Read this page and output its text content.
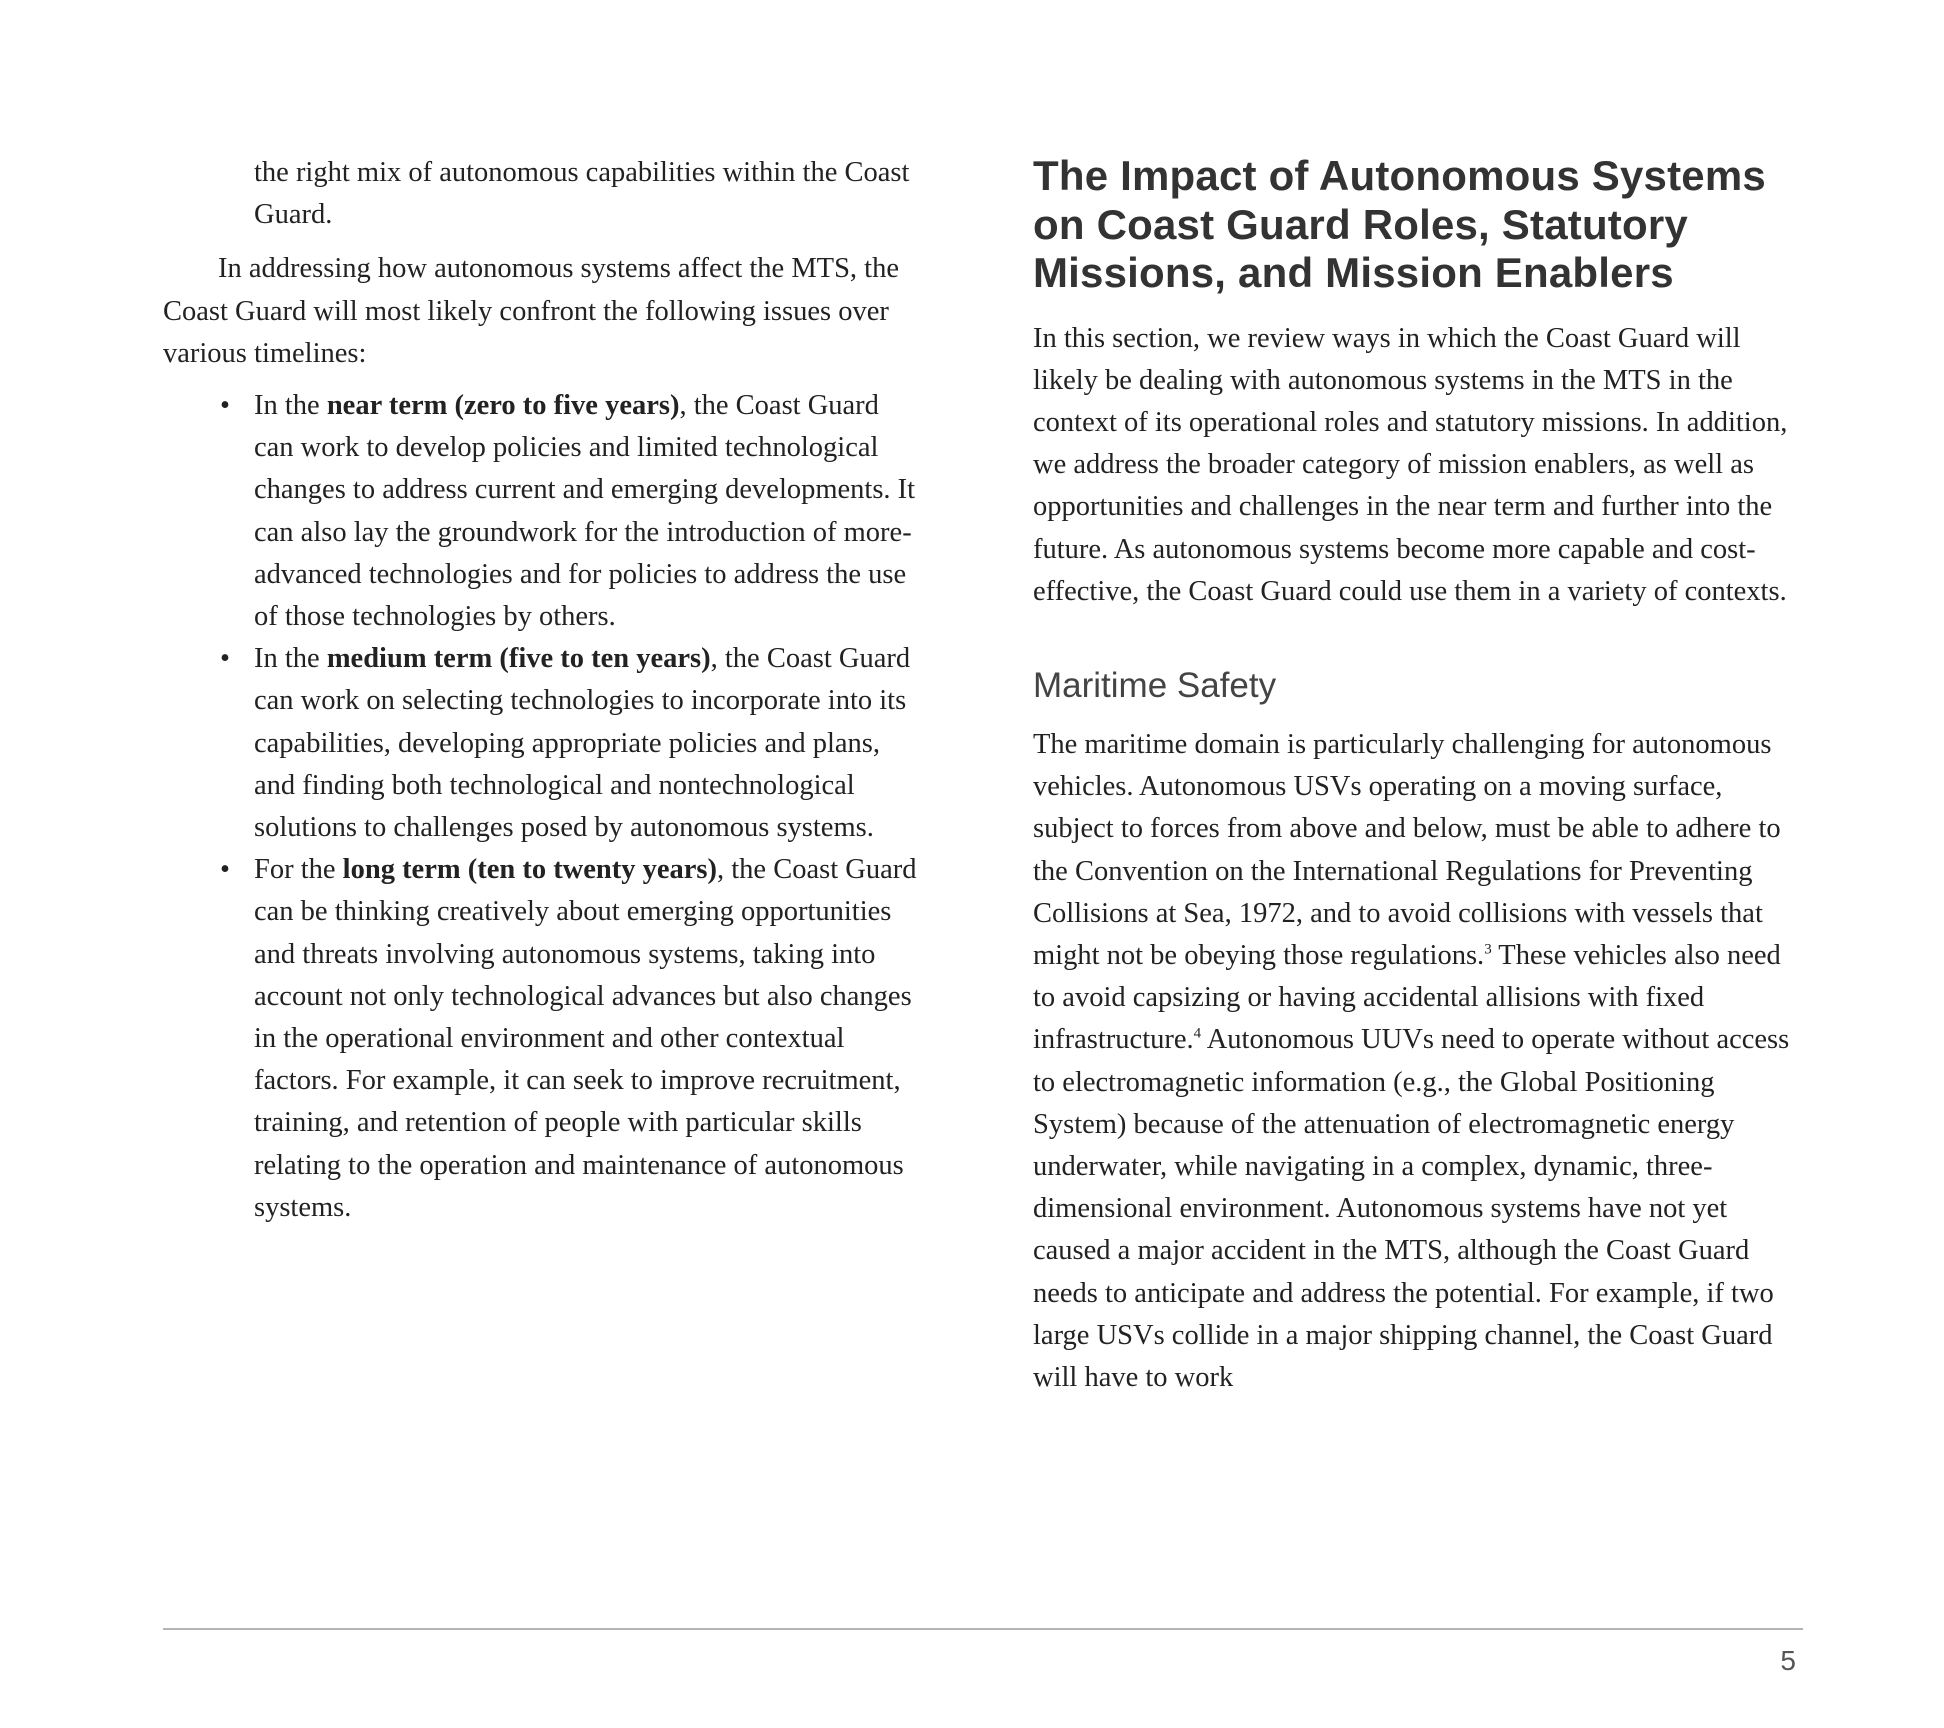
the right mix of autonomous capabilities within the Coast Guard.

In addressing how autonomous systems affect the MTS, the Coast Guard will most likely confront the following issues over various timelines:

• In the near term (zero to five years), the Coast Guard can work to develop policies and limited technological changes to address current and emerging developments. It can also lay the groundwork for the introduction of more-advanced technologies and for policies to address the use of those technologies by others.
• In the medium term (five to ten years), the Coast Guard can work on selecting technologies to incorporate into its capabilities, developing appropriate policies and plans, and finding both technological and nontechnological solutions to challenges posed by autonomous systems.
• For the long term (ten to twenty years), the Coast Guard can be thinking creatively about emerging opportunities and threats involving autonomous systems, taking into account not only technological advances but also changes in the operational environment and other contextual factors. For example, it can seek to improve recruitment, training, and retention of people with particular skills relating to the operation and maintenance of autonomous systems.
The Impact of Autonomous Systems on Coast Guard Roles, Statutory Missions, and Mission Enablers

In this section, we review ways in which the Coast Guard will likely be dealing with autonomous systems in the MTS in the context of its operational roles and statutory missions. In addition, we address the broader category of mission enablers, as well as opportunities and challenges in the near term and further into the future. As autonomous systems become more capable and cost-effective, the Coast Guard could use them in a variety of contexts.

Maritime Safety

The maritime domain is particularly challenging for autonomous vehicles. Autonomous USVs operating on a moving surface, subject to forces from above and below, must be able to adhere to the Convention on the International Regulations for Preventing Collisions at Sea, 1972, and to avoid collisions with vessels that might not be obeying those regulations.$^3$ These vehicles also need to avoid capsizing or having accidental allisions with fixed infrastructure.$^4$ Autonomous UUVs need to operate without access to electromagnetic information (e.g., the Global Positioning System) because of the attenuation of electromagnetic energy underwater, while navigating in a complex, dynamic, three-dimensional environment. Autonomous systems have not yet caused a major accident in the MTS, although the Coast Guard needs to anticipate and address the potential. For example, if two large USVs collide in a major shipping channel, the Coast Guard will have to work

5
